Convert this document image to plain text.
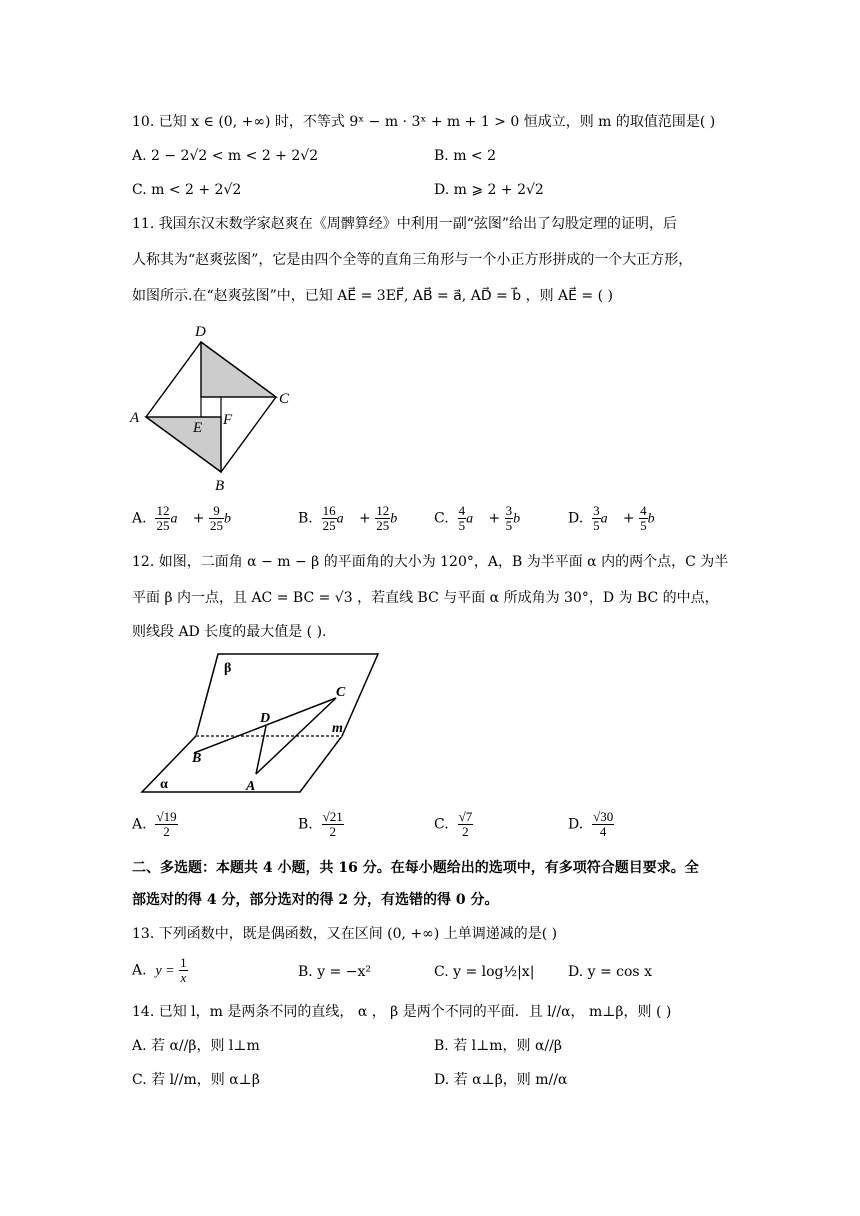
10. 已知 x ∈ (0, +∞) 时，不等式 9ˣ − m · 3ˣ + m + 1 > 0 恒成立，则 m 的取值范围是( )
A. 2 − 2√2 < m < 2 + 2√2	B. m < 2
C. m < 2 + 2√2	D. m ⩾ 2 + 2√2
11. 我国东汉末数学家赵爽在《周髀算经》中利用一副“弦图”给出了勾股定理的证明，后
人称其为“赵爽弦图”，它是由四个全等的直角三角形与一个小正方形拼成的一个大正方形，
如图所示.在“赵爽弦图”中，已知 AE⃗ = 3EF⃗, AB⃗ = a⃗, AD⃗ = b⃗ ，则 AE⃗ = ( )
D
C
A
E F
B
A. $\frac{12}{25}$ a⃗ + $\frac{9}{25}$ b⃗	B. $\frac{16}{25}$ a⃗ + $\frac{12}{25}$ b⃗ C. $\frac{4}{5}$ a⃗ + $\frac{3}{5}$ b⃗	D. $\frac{3}{5}$ a⃗ + $\frac{4}{5}$ b⃗
12. 如图，二面角 α − m − β 的平面角的大小为 120°，A，B 为半平面 α 内的两个点，C 为半
平面 β 内一点，且 AC = BC = √3 ，若直线 BC 与平面 α 所成角为 30°，D 为 BC 的中点，
则线段 AD 长度的最大值是 ( ).
β
C
D
m
B
A
α
A. $\frac{√19}{2}$	B. $\frac{√21}{2}$	C. $\frac{√7}{2}$	D. $\frac{√30}{4}$
二、多选题：本题共 4 小题，共 16 分。在每小题给出的选项中，有多项符合题目要求。全
部选对的得 4 分，部分选对的得 2 分，有选错的得 0 分。
13. 下列函数中，既是偶函数，又在区间 (0, +∞) 上单调递减的是( )
A. $y = \frac{1}{x}$	B. y = −x²	C. y = log½|x| D. y = cos x
14. 已知 l，m 是两条不同的直线， α ， β 是两个不同的平面．且 l//α， m⊥β，则 ( )
A. 若 α//β，则 l⊥m	B. 若 l⊥m，则 α//β
C. 若 l//m，则 α⊥β	D. 若 α⊥β，则 m//α
